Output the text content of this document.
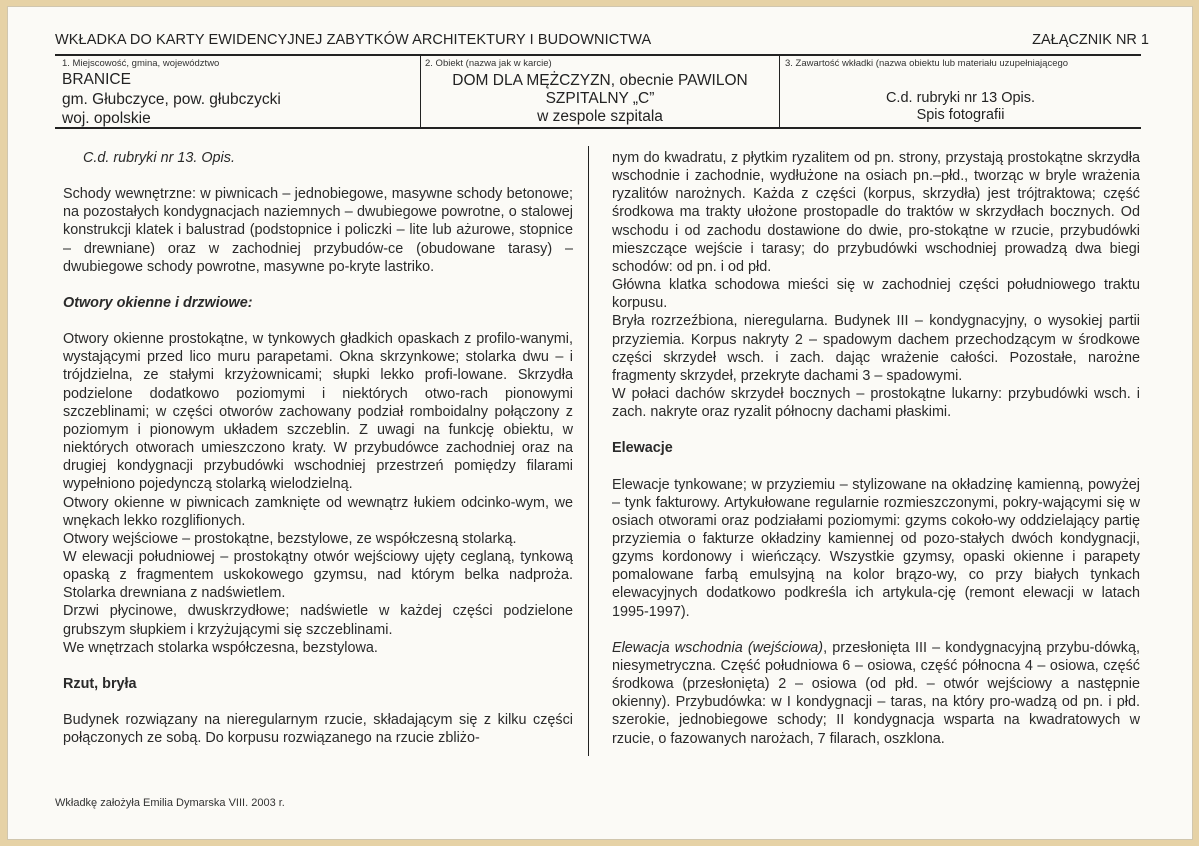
WKŁADKA DO KARTY EWIDENCYJNEJ ZABYTKÓW ARCHITEKTURY I BUDOWNICTWA	ZAŁĄCZNIK NR 1
1. Miejscowość, gmina, województwo
BRANICE
gm. Głubczyce, pow. głubczycki
woj. opolskie
2. Obiekt (nazwa jak w karcie)
DOM DLA MĘŻCZYZN, obecnie PAWILON
SZPITALNY „C”
w zespole szpitala
3. Zawartość wkładki (nazwa obiektu lub materiału uzupełniającego
C.d. rubryki nr 13 Opis.
Spis fotografii

C.d. rubryki nr 13. Opis.

Schody wewnętrzne: w piwnicach – jednobiegowe, masywne schody betonowe; na pozostałych kondygnacjach naziemnych – dwubiegowe powrotne, o stalowej konstrukcji klatek i balustrad (podstopnice i policzki – lite lub ażurowe, stopnice – drewniane) oraz w zachodniej przybudów-ce (obudowane tarasy) – dwubiegowe schody powrotne, masywne po-kryte lastriko.

Otwory okienne i drzwiowe:

Otwory okienne prostokątne, w tynkowych gładkich opaskach z profilo-wanymi, wystającymi przed lico muru parapetami. Okna skrzynkowe; stolarka dwu – i trójdzielna, ze stałymi krzyżownicami; słupki lekko profi-lowane. Skrzydła podzielone dodatkowo poziomymi i niektórych otwo-rach pionowymi szczeblinami; w części otworów zachowany podział romboidalny połączony z poziomym i pionowym układem szczeblin. Z uwagi na funkcję obiektu, w niektórych otworach umieszczono kraty. W przybudówce zachodniej oraz na drugiej kondygnacji przybudówki wschodniej przestrzeń pomiędzy filarami wypełniono pojedynczą stolarką wielodzielną.

Otwory okienne w piwnicach zamknięte od wewnątrz łukiem odcinko-wym, we wnękach lekko rozglifionych.

Otwory wejściowe – prostokątne, bezstylowe, ze współczesną stolarką.

W elewacji południowej – prostokątny otwór wejściowy ujęty ceglaną, tynkową opaską z fragmentem uskokowego gzymsu, nad którym belka nadproża. Stolarka drewniana z nadświetlem.

Drzwi płycinowe, dwuskrzydłowe; nadświetle w każdej części podzielone grubszym słupkiem i krzyżującymi się szczeblinami.

We wnętrzach stolarka współczesna, bezstylowa.

Rzut, bryła

Budynek rozwiązany na nieregularnym rzucie, składającym się z kilku części połączonych ze sobą. Do korpusu rozwiązanego na rzucie zbliżo-

nym do kwadratu, z płytkim ryzalitem od pn. strony, przystają prostokątne skrzydła wschodnie i zachodnie, wydłużone na osiach pn.–płd., tworząc w bryle wrażenia ryzalitów narożnych. Każda z części (korpus, skrzydła) jest trójtraktowa; część środkowa ma trakty ułożone prostopadle do traktów w skrzydłach bocznych. Od wschodu i od zachodu dostawione do dwie, pro-stokątne w rzucie, przybudówki mieszczące wejście i tarasy; do przybudówki wschodniej prowadzą dwa biegi schodów: od pn. i od płd.

Główna klatka schodowa mieści się w zachodniej części południowego traktu korpusu.

Bryła rozrzeźbiona, nieregularna. Budynek III – kondygnacyjny, o wysokiej partii przyziemia. Korpus nakryty 2 – spadowym dachem przechodzącym w środkowe części skrzydeł wsch. i zach. dając wrażenie całości. Pozostałe, narożne fragmenty skrzydeł, przekryte dachami 3 – spadowymi.

W połaci dachów skrzydeł bocznych – prostokątne lukarny: przybudówki wsch. i zach. nakryte oraz ryzalit północny dachami płaskimi.

Elewacje

Elewacje tynkowane; w przyziemiu – stylizowane na okładzinę kamienną, powyżej – tynk fakturowy. Artykułowane regularnie rozmieszczonymi, pokry-wającymi się w osiach otworami oraz podziałami poziomymi: gzyms cokoło-wy oddzielający partię przyziemia o fakturze okładziny kamiennej od pozo-stałych dwóch kondygnacji, gzyms kordonowy i wieńczący. Wszystkie gzymsy, opaski okienne i parapety pomalowane farbą emulsyjną na kolor brązo-wy, co przy białych tynkach elewacyjnych dodatkowo podkreśla ich artykula-cję (remont elewacji w latach 1995-1997).

Elewacja wschodnia (wejściowa), przesłonięta III – kondygnacyjną przybu-dówką, niesymetryczna. Część południowa 6 – osiowa, część północna 4 – osiowa, część środkowa (przesłonięta) 2 – osiowa (od płd. – otwór wejściowy a następnie okienny). Przybudówka: w I kondygnacji – taras, na który pro-wadzą od pn. i płd. szerokie, jednobiegowe schody; II kondygnacja wsparta na kwadratowych w rzucie, o fazowanych narożach, 7 filarach, oszklona.

Wkładkę założyła Emilia Dymarska VIII. 2003 r.
